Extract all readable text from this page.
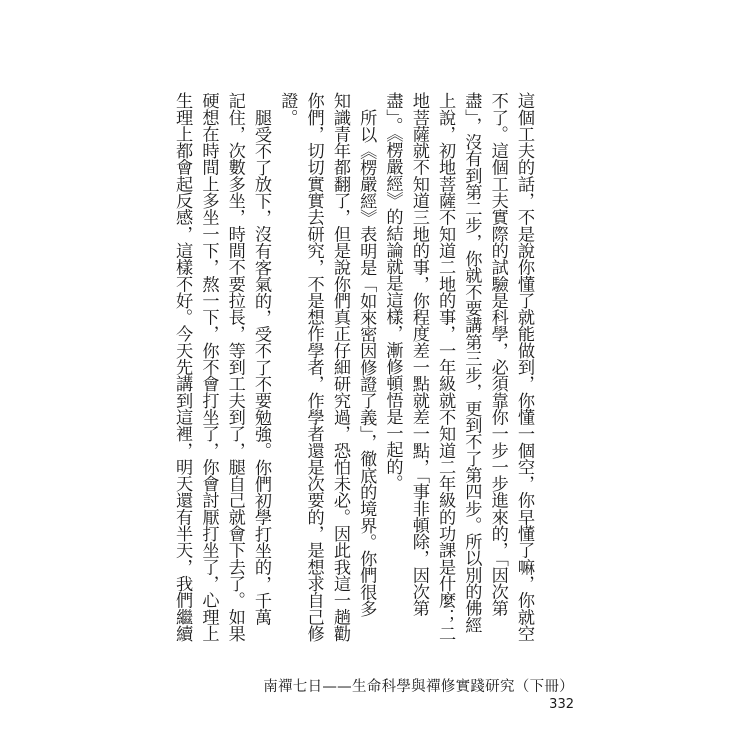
這個工夫的話，不是說你懂了就能做到，你懂一個空，你早懂了嘛，你就空
不了。這個工夫實際的試驗是科學，必須靠你一步一步進來的，「因次第
盡」，沒有到第二步，你就不要講第三步，更到不了第四步。所以別的佛經
上說，初地菩薩不知道二地的事，一年級就不知道二年級的功課是什麼；二
地菩薩就不知道三地的事，你程度差一點就差一點，「事非頓除，因次第
盡」。《楞嚴經》的結論就是這樣，漸修頓悟是一起的。
所以《楞嚴經》表明是「如來密因修證了義」，徹底的境界。你們很多
知識青年都翻了，但是說你們真正仔細研究過，恐怕未必。因此我這一趟勸
你們，切切實實去研究，不是想作學者，作學者還是次要的，是想求自己修
證。
腿受不了放下，沒有客氣的，受不了不要勉強。你們初學打坐的，千萬
記住，次數多坐，時間不要拉長，等到工夫到了，腿自己就會下去了。如果
硬想在時間上多坐一下，熬一下，你不會打坐了，你會討厭打坐了，心理上
生理上都會起反感，這樣不好。今天先講到這裡，明天還有半天，我們繼續
南禪七日——生命科學與禪修實踐研究（下冊）
332
